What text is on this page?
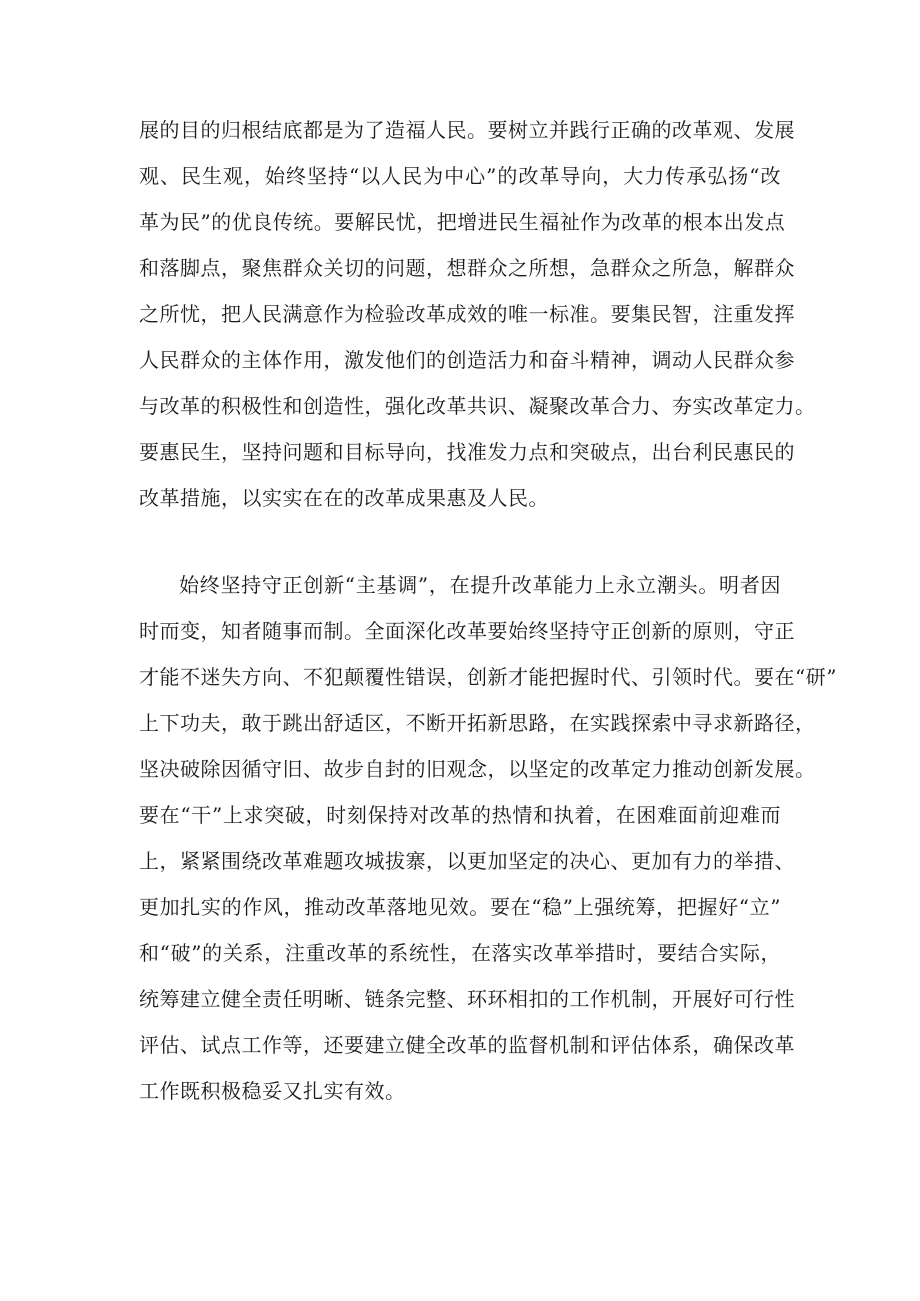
展的目的归根结底都是为了造福人民。要树立并践行正确的改革观、发展
观、民生观，始终坚持“以人民为中心”的改革导向，大力传承弘扬“改
革为民”的优良传统。要解民忧，把增进民生福祉作为改革的根本出发点
和落脚点，聚焦群众关切的问题，想群众之所想，急群众之所急，解群众
之所忧，把人民满意作为检验改革成效的唯一标准。要集民智，注重发挥
人民群众的主体作用，激发他们的创造活力和奋斗精神，调动人民群众参
与改革的积极性和创造性，强化改革共识、凝聚改革合力、夯实改革定力。
要惠民生，坚持问题和目标导向，找准发力点和突破点，出台利民惠民的
改革措施，以实实在在的改革成果惠及人民。
始终坚持守正创新“主基调”，在提升改革能力上永立潮头。明者因
时而变，知者随事而制。全面深化改革要始终坚持守正创新的原则，守正
才能不迷失方向、不犯颠覆性错误，创新才能把握时代、引领时代。要在“研”
上下功夫，敢于跳出舒适区，不断开拓新思路，在实践探索中寻求新路径，
坚决破除因循守旧、故步自封的旧观念，以坚定的改革定力推动创新发展。
要在“干”上求突破，时刻保持对改革的热情和执着，在困难面前迎难而
上，紧紧围绕改革难题攻城拔寨，以更加坚定的决心、更加有力的举措、
更加扎实的作风，推动改革落地见效。要在“稳”上强统筹，把握好“立”
和“破”的关系，注重改革的系统性，在落实改革举措时，要结合实际，
统筹建立健全责任明晰、链条完整、环环相扣的工作机制，开展好可行性
评估、试点工作等，还要建立健全改革的监督机制和评估体系，确保改革
工作既积极稳妥又扎实有效。
